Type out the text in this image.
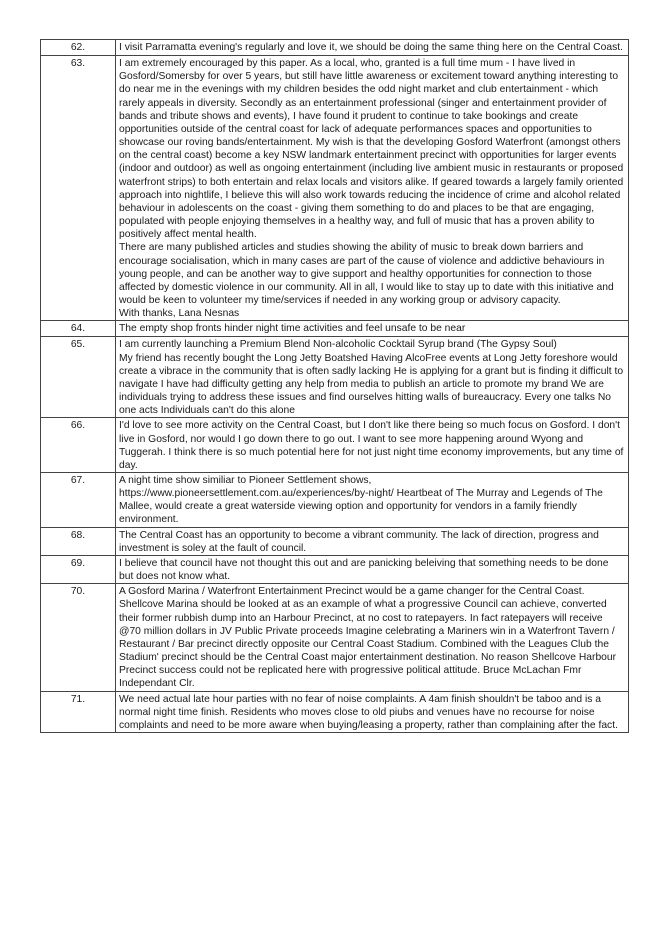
62.	I visit Parramatta evening's regularly and love it, we should be doing the same thing here on the Central Coast.

63.	I am extremely encouraged by this paper. As a local, who, granted is a full time mum - I have lived in Gosford/Somersby for over 5 years, but still have little awareness or excitement toward anything interesting to do near me in the evenings with my children besides the odd night market and club entertainment - which rarely appeals in diversity. Secondly as an entertainment professional (singer and entertainment provider of bands and tribute shows and events), I have found it prudent to continue to take bookings and create opportunities outside of the central coast for lack of adequate performances spaces and opportunities to showcase our roving bands/entertainment. My wish is that the developing Gosford Waterfront (amongst others on the central coast) become a key NSW landmark entertainment precinct with opportunities for larger events (indoor and outdoor) as well as ongoing entertainment (including live ambient music in restaurants or proposed waterfront strips) to both entertain and relax locals and visitors alike. If geared towards a largely family oriented approach into nightlife, I believe this will also work towards reducing the incidence of crime and alcohol related behaviour in adolescents on the coast - giving them something to do and places to be that are engaging, populated with people enjoying themselves in a healthy way, and full of music that has a proven ability to positively affect mental health.
There are many published articles and studies showing the ability of music to break down barriers and encourage socialisation, which in many cases are part of the cause of violence and addictive behaviours in young people, and can be another way to give support and healthy opportunities for connection to those affected by domestic violence in our community. All in all, I would like to stay up to date with this initiative and would be keen to volunteer my time/services if needed in any working group or advisory capacity.
With thanks, Lana Nesnas

64.	The empty shop fronts hinder night time activities and feel unsafe to be near

65.	I am currently launching a Premium Blend Non-alcoholic Cocktail Syrup brand (The Gypsy Soul)
My friend has recently bought the Long Jetty Boatshed Having AlcoFree events at Long Jetty foreshore would create a vibrace in the community that is often sadly lacking He is applying for a grant but is finding it difficult to navigate I have had difficulty getting any help from media to publish an article to promote my brand We are individuals trying to address these issues and find ourselves hitting walls of bureaucracy. Every one talks No one acts Individuals can't do this alone

66.	I'd love to see more activity on the Central Coast, but I don't like there being so much focus on Gosford. I don't live in Gosford, nor would I go down there to go out. I want to see more happening around Wyong and Tuggerah. I think there is so much potential here for not just night time economy improvements, but any time of day.

67.	A night time show similiar to Pioneer Settlement shows,
https://www.pioneersettlement.com.au/experiences/by-night/ Heartbeat of The Murray and Legends of The Mallee, would create a great waterside viewing option and opportunity for vendors in a family friendly environment.

68.	The Central Coast has an opportunity to become a vibrant community. The lack of direction, progress and investment is soley at the fault of council.

69.	I believe that council have not thought this out and are panicking beleiving that something needs to be done but does not know what.

70.	A Gosford Marina / Waterfront Entertainment Precinct would be a game changer for the Central Coast. Shellcove Marina should be looked at as an example of what a progressive Council can achieve, converted their former rubbish dump into an Harbour Precinct, at no cost to ratepayers. In fact ratepayers will receive @70 million dollars in JV Public Private proceeds Imagine celebrating a Mariners win in a Waterfront Tavern / Restaurant / Bar precinct directly opposite our Central Coast Stadium. Combined with the Leagues Club the Stadium' precinct should be the Central Coast major entertainment destination. No reason Shellcove Harbour Precinct success could not be replicated here with progressive political attitude. Bruce McLachan Fmr Independant Clr.

71.	We need actual late hour parties with no fear of noise complaints. A 4am finish shouldn't be taboo and is a normal night time finish. Residents who moves close to old piubs and venues have no recourse for noise complaints and need to be more aware when buying/leasing a property, rather than complaining after the fact.
